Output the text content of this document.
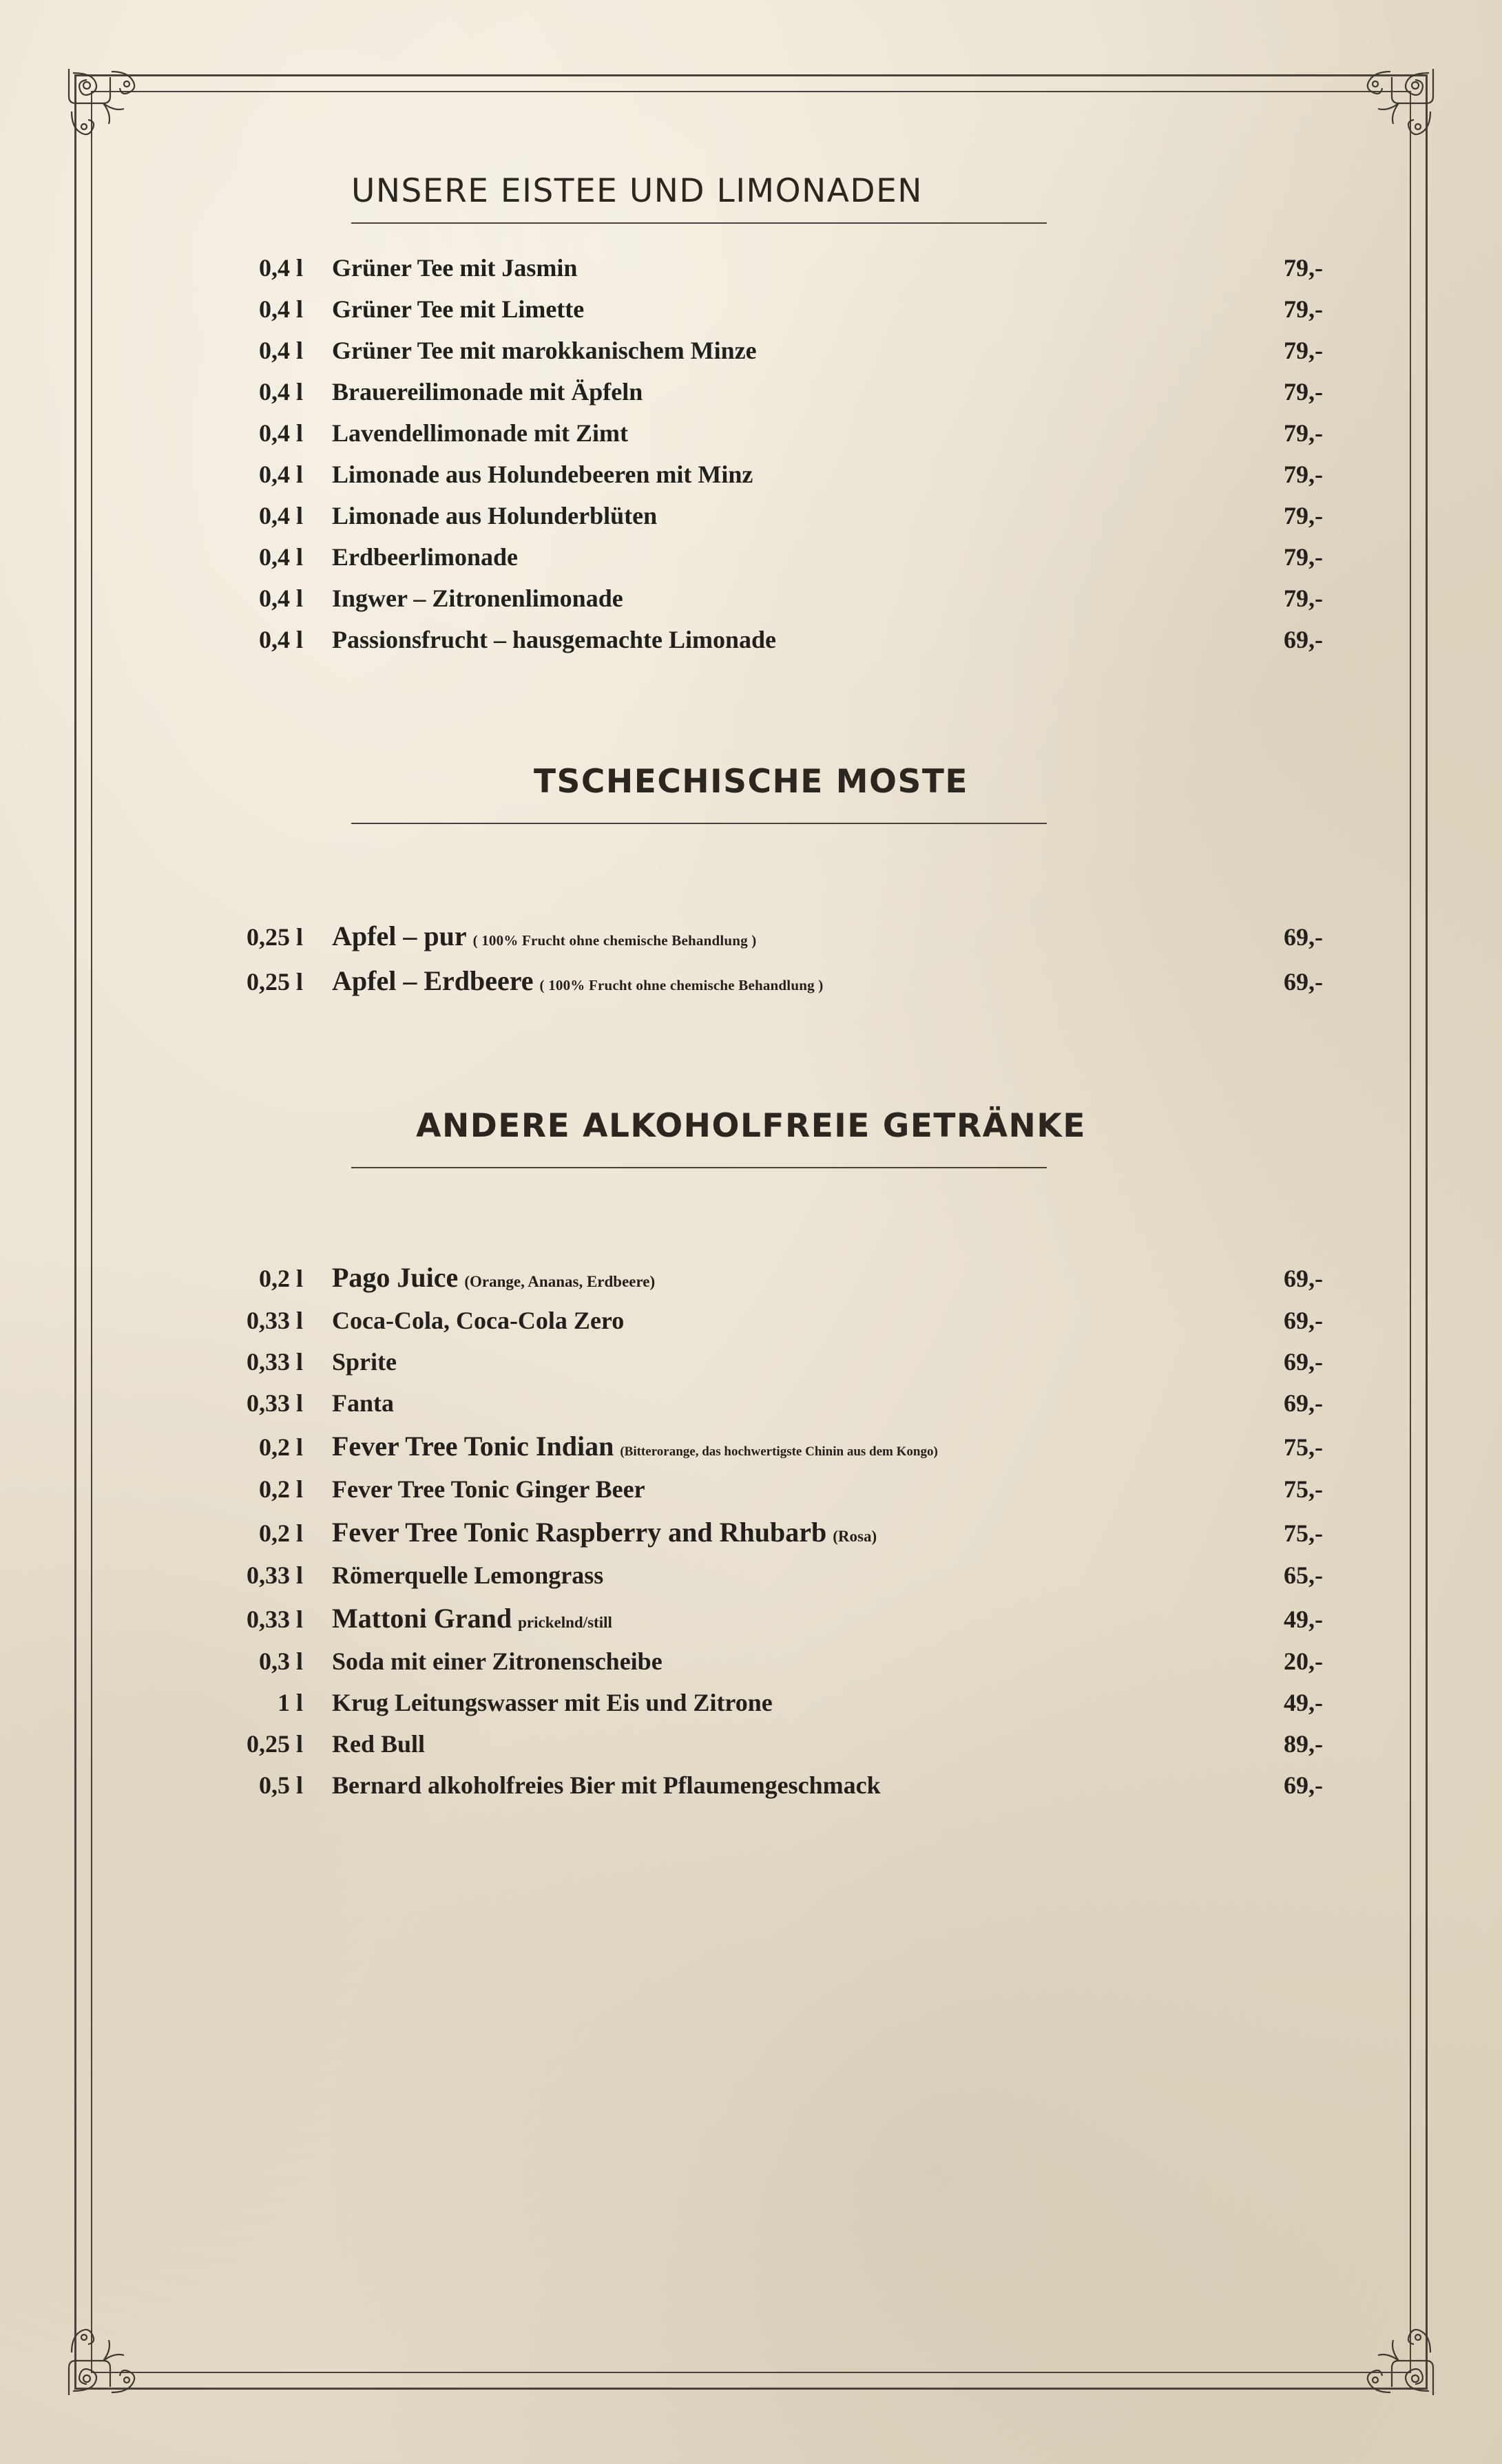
UNSERE EISTEE UND LIMONADEN
0,4 l	Grüner Tee mit Jasmin	79,-
0,4 l	Grüner Tee mit Limette	79,-
0,4 l	Grüner Tee mit marokkanischem Minze	79,-
0,4 l	Brauereilimonade mit Äpfeln	79,-
0,4 l	Lavendellimonade mit Zimt	79,-
0,4 l	Limonade aus Holundebeeren mit Minz	79,-
0,4 l	Limonade aus Holunderblüten	79,-
0,4 l	Erdbeerlimonade	79,-
0,4 l	Ingwer – Zitronenlimonade	79,-
0,4 l	Passionsfrucht – hausgemachte Limonade	69,-
TSCHECHISCHE MOSTE
0,25 l	Apfel – pur ( 100% Frucht ohne chemische Behandlung )	69,-
0,25 l	Apfel – Erdbeere ( 100% Frucht ohne chemische Behandlung )	69,-
ANDERE ALKOHOLFREIE GETRÄNKE
0,2 l	Pago Juice (Orange, Ananas, Erdbeere)	69,-
0,33 l	Coca-Cola, Coca-Cola Zero	69,-
0,33 l	Sprite	69,-
0,33 l	Fanta	69,-
0,2 l	Fever Tree Tonic Indian (Bitterorange, das hochwertigste Chinin aus dem Kongo)	75,-
0,2 l	Fever Tree Tonic Ginger Beer	75,-
0,2 l	Fever Tree Tonic Raspberry and Rhubarb (Rosa)	75,-
0,33 l	Römerquelle Lemongrass	65,-
0,33 l	Mattoni Grand prickelnd/still	49,-
0,3 l	Soda mit einer Zitronenscheibe	20,-
1 l	Krug Leitungswasser mit Eis und Zitrone	49,-
0,25 l	Red Bull	89,-
0,5 l	Bernard alkoholfreies Bier mit Pflaumengeschmack	69,-
